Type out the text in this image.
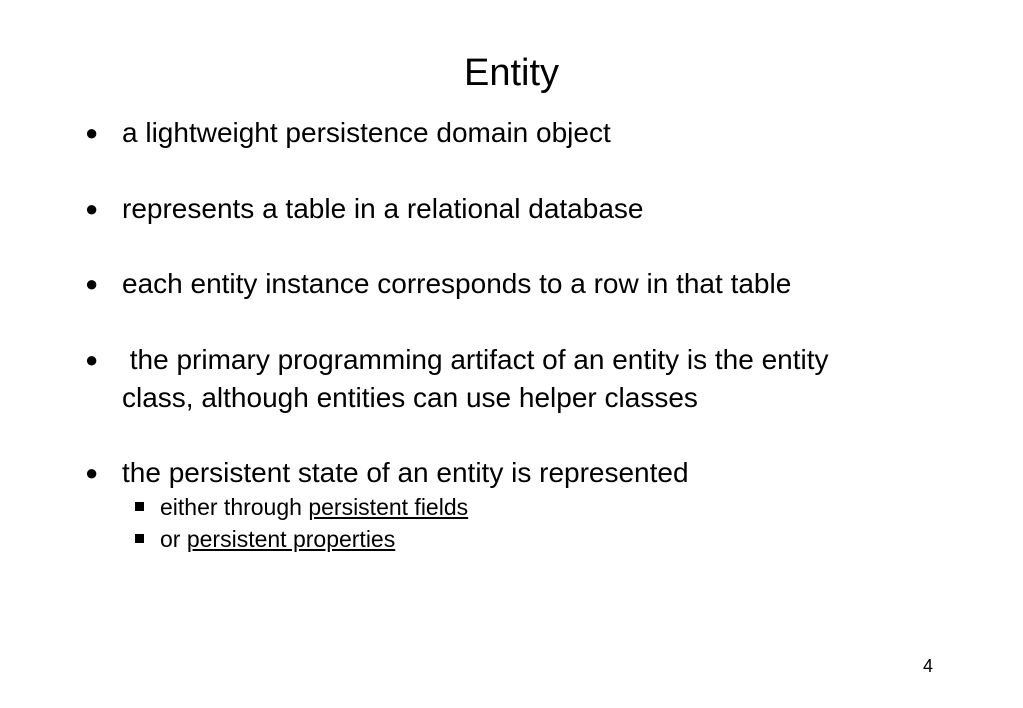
Entity
● a lightweight persistence domain object
● represents a table in a relational database
● each entity instance corresponds to a row in that table
● the primary programming artifact of an entity is the entity
class, although entities can use helper classes
● the persistent state of an entity is represented
either through persistent fields
or persistent properties
4
